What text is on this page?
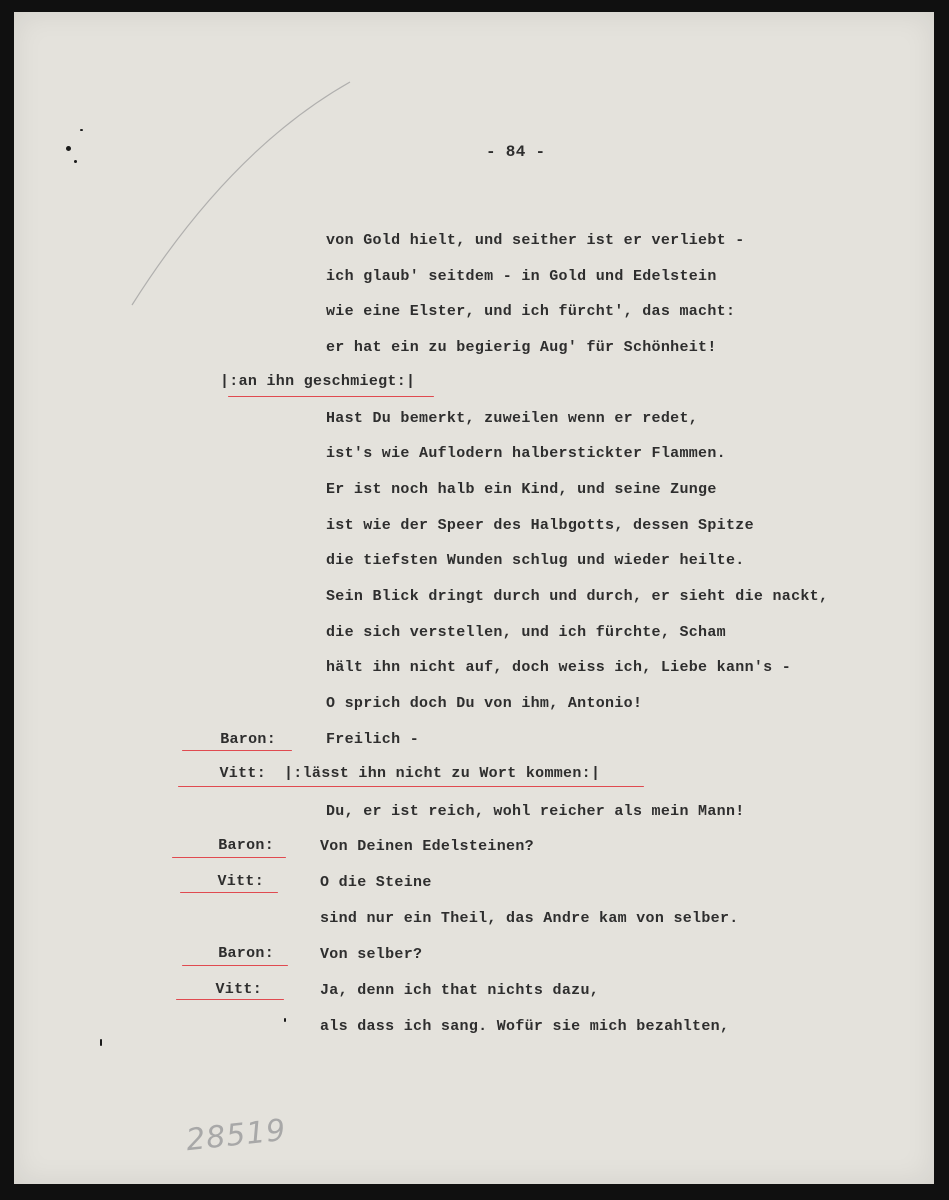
- 84 -
von Gold hielt, und seither ist er verliebt -
ich glaub' seitdem - in Gold und Edelstein
wie eine Elster, und ich fürcht', das macht:
er hat ein zu begierig Aug' für Schönheit!
|:an ihn geschmiegt:|
Hast Du bemerkt, zuweilen wenn er redet,
ist's wie Auflodern halberstickter Flammen.
Er ist noch halb ein Kind, und seine Zunge
ist wie der Speer des Halbgotts, dessen Spitze
die tiefsten Wunden schlug und wieder heilte.
Sein Blick dringt durch und durch, er sieht die nackt,
die sich verstellen, und ich fürchte, Scham
hält ihn nicht auf, doch weiss ich, Liebe kann's -
O sprich doch Du von ihm, Antonio!
Baron:	Freilich -
Vitt: |:lässt ihn nicht zu Wort kommen:|
Du, er ist reich, wohl reicher als mein Mann!
Baron:	Von Deinen Edelsteinen?
Vitt:	O die Steine
sind nur ein Theil, das Andre kam von selber.
Baron:	Von selber?
Vitt:	Ja, denn ich that nichts dazu,
als dass ich sang. Wofür sie mich bezahlten,
28519
